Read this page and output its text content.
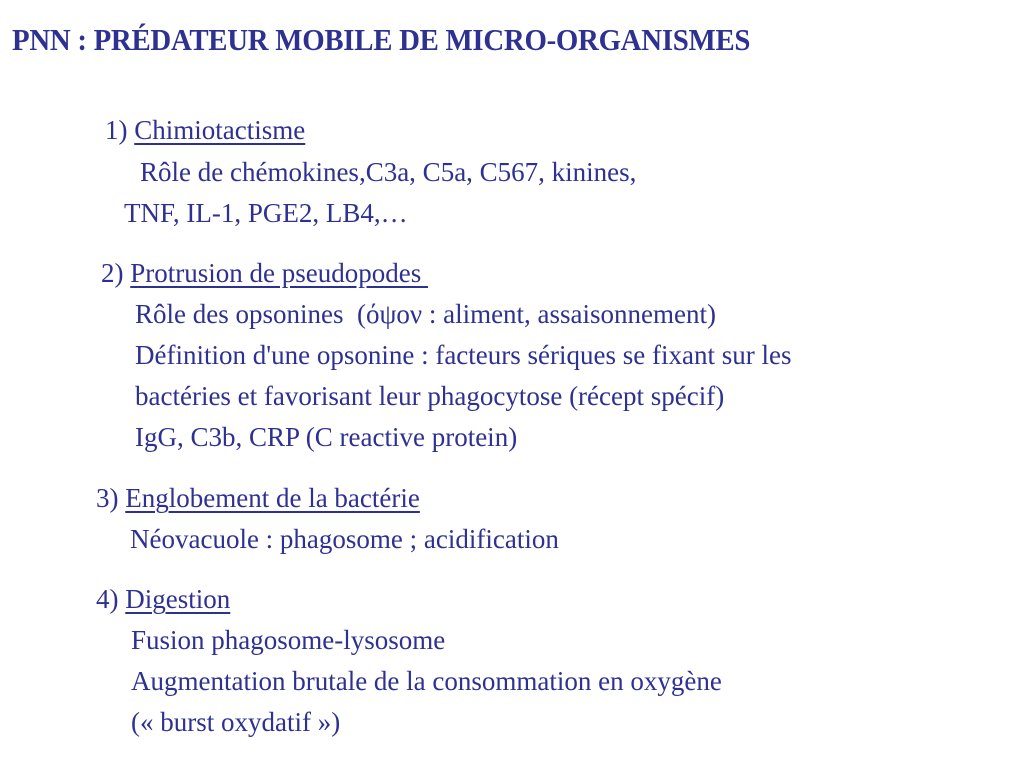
PNN : PRÉDATEUR MOBILE DE MICRO-ORGANISMES
1) Chimiotactisme
Rôle de chémokines,C3a, C5a, C567, kinines,
TNF, IL-1, PGE2, LB4,…
2) Protrusion de pseudopodes
Rôle des opsonines  (όψον : aliment, assaisonnement)
Définition d'une opsonine : facteurs sériques se fixant sur les
bactéries et favorisant leur phagocytose (récept spécif)
IgG, C3b, CRP (C reactive protein)
3) Englobement de la bactérie
Néovacuole : phagosome ; acidification
4) Digestion
Fusion phagosome-lysosome
Augmentation brutale de la consommation en oxygène
(« burst oxydatif »)
